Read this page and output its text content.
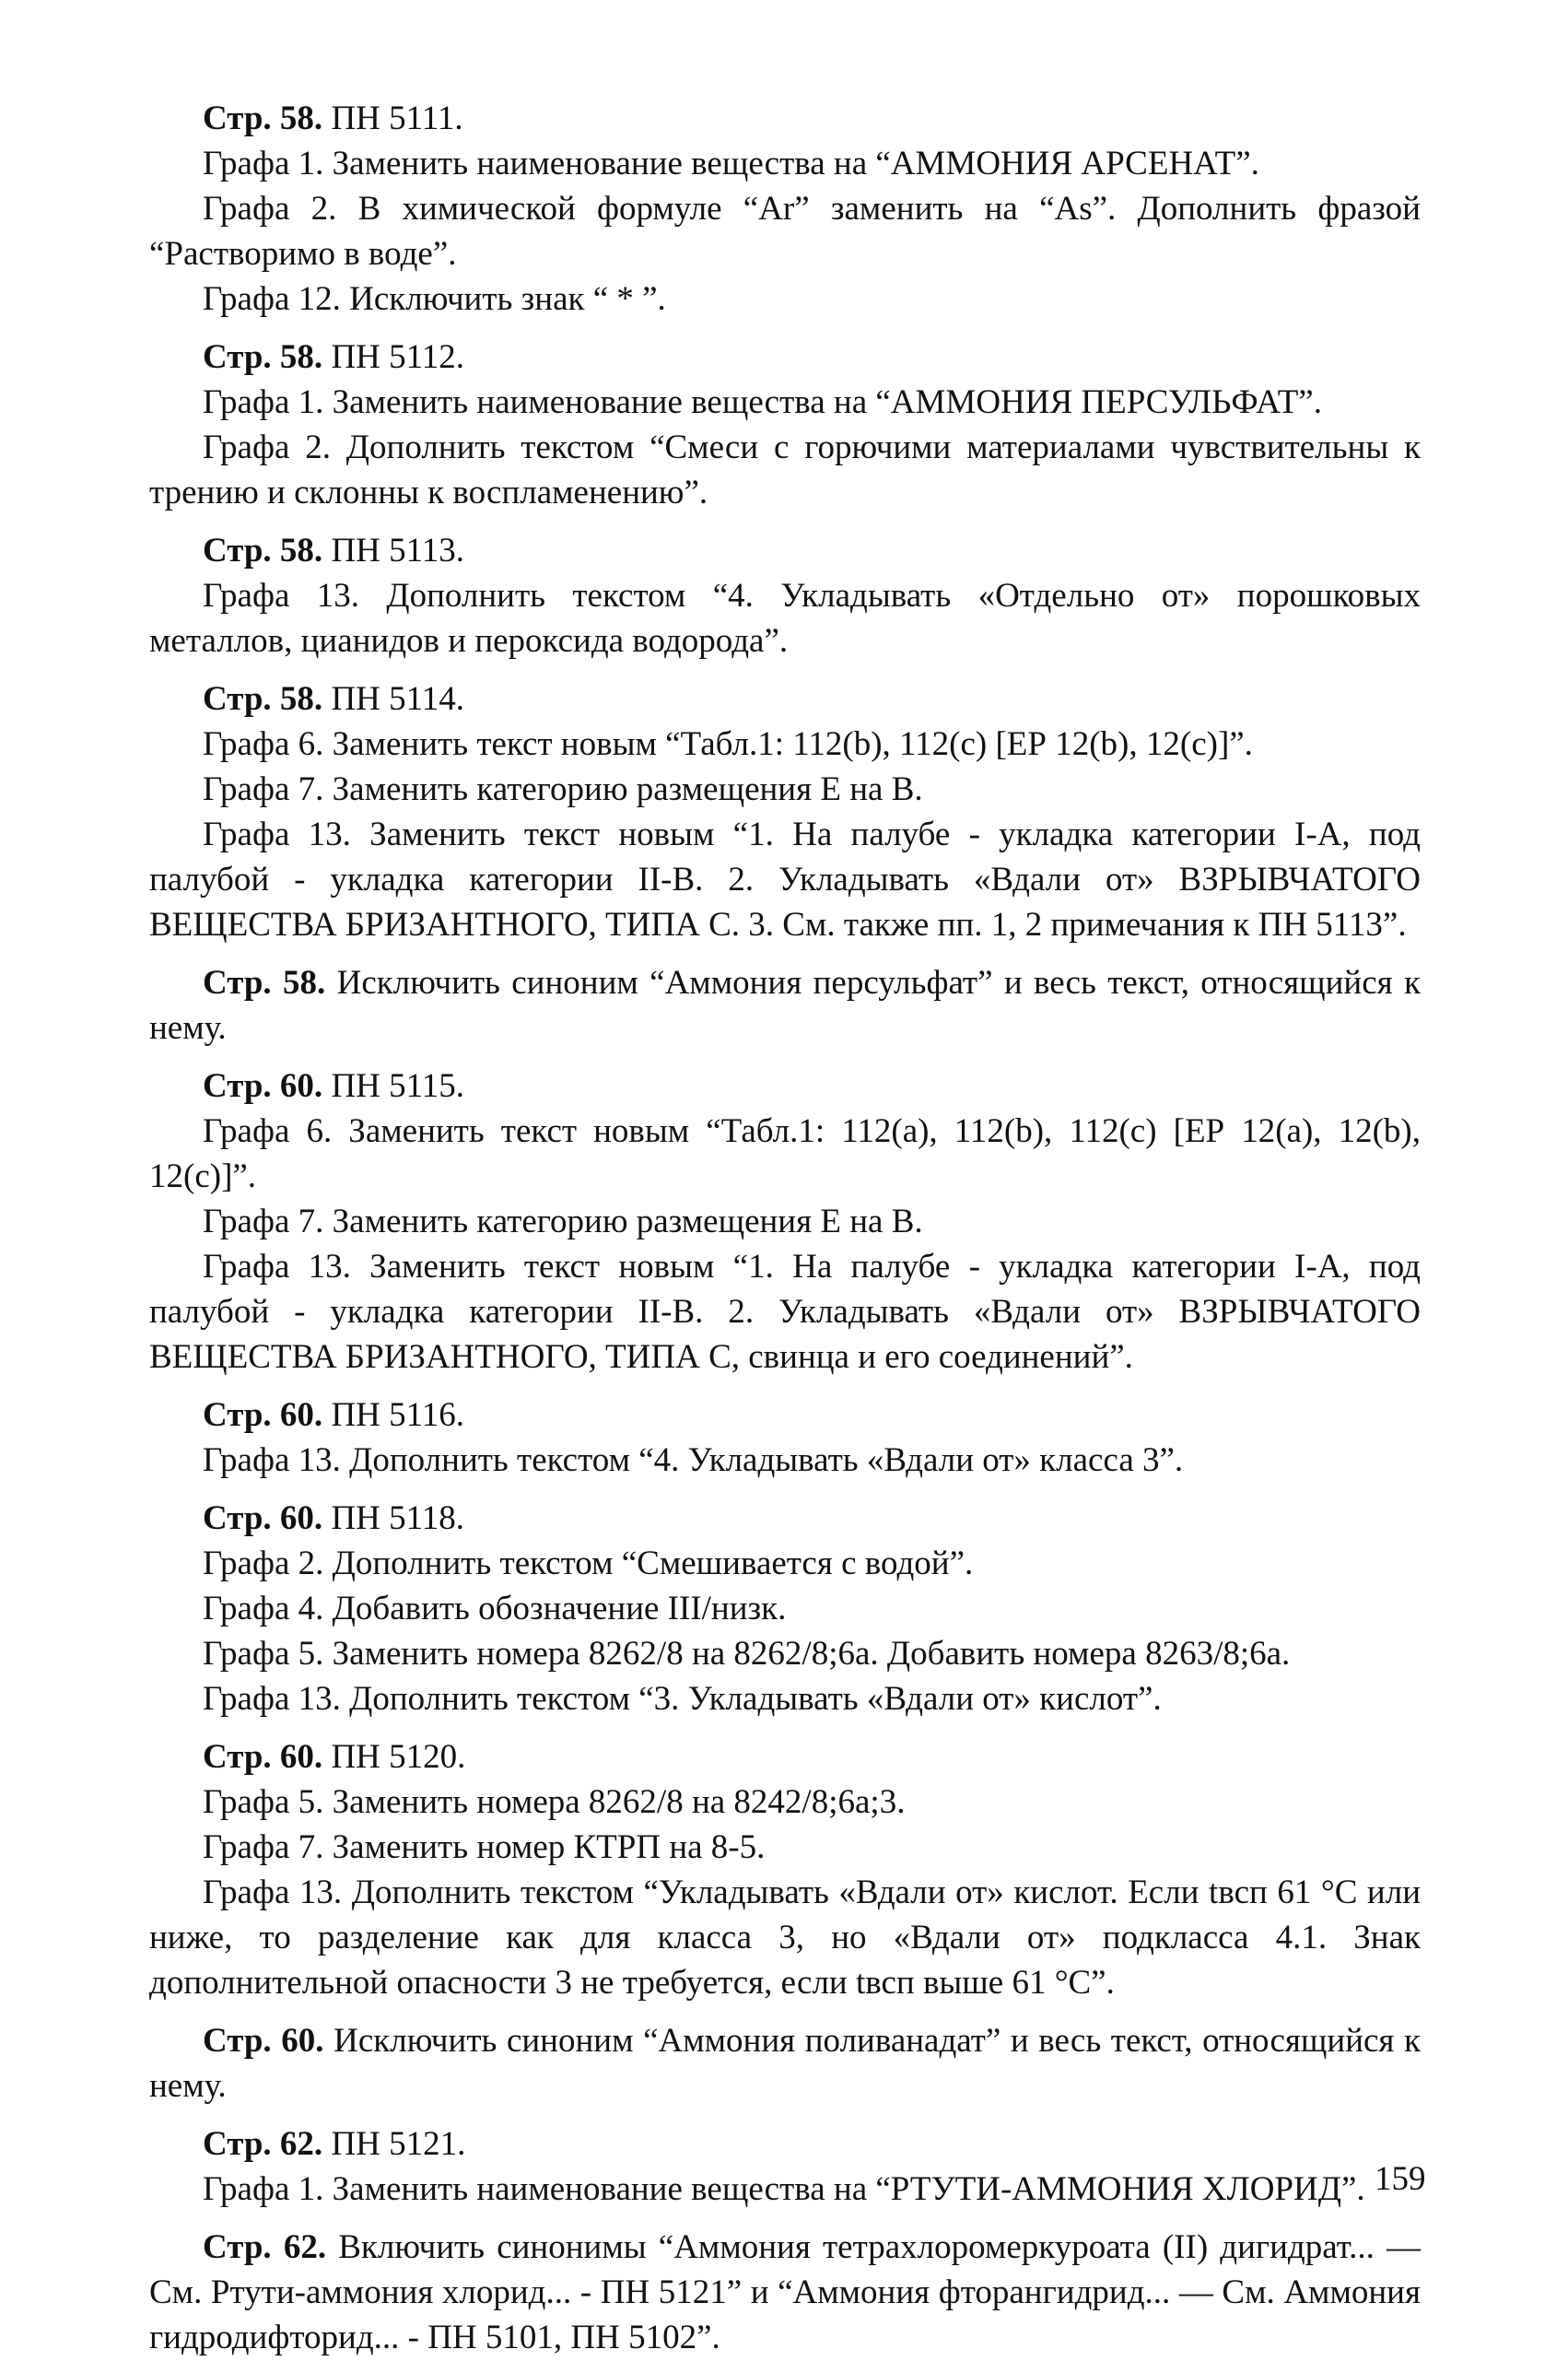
Стр. 58. ПН 5111.
Графа 1. Заменить наименование вещества на “АММОНИЯ АРСЕНАТ”.
Графа 2. В химической формуле “Ar” заменить на “As”. Дополнить фразой “Растворимо в воде”.
Графа 12. Исключить знак “ * ”.
Стр. 58. ПН 5112.
Графа 1. Заменить наименование вещества на “АММОНИЯ ПЕРСУЛЬФАТ”.
Графа 2. Дополнить текстом “Смеси с горючими материалами чувствительны к трению и склонны к воспламенению”.
Стр. 58. ПН 5113.
Графа 13. Дополнить текстом “4. Укладывать «Отдельно от» порошковых металлов, цианидов и пероксида водорода”.
Стр. 58. ПН 5114.
Графа 6. Заменить текст новым “Табл.1: 112(b), 112(c) [ЕР 12(b), 12(c)]”.
Графа 7. Заменить категорию размещения Е на В.
Графа 13. Заменить текст новым “1. На палубе - укладка категории I-А, под палубой - укладка категории II-В. 2. Укладывать «Вдали от» ВЗРЫВЧАТОГО ВЕЩЕСТВА БРИЗАНТНОГО, ТИПА С. 3. См. также пп. 1, 2 примечания к ПН 5113”.
Стр. 58. Исключить синоним “Аммония персульфат” и весь текст, относящийся к нему.
Стр. 60. ПН 5115.
Графа 6. Заменить текст новым “Табл.1: 112(a), 112(b), 112(c) [ЕР 12(a), 12(b), 12(c)]”.
Графа 7. Заменить категорию размещения Е на В.
Графа 13. Заменить текст новым “1. На палубе - укладка категории I-А, под палубой - укладка категории II-В. 2. Укладывать «Вдали от» ВЗРЫВЧАТОГО ВЕЩЕСТВА БРИЗАНТНОГО, ТИПА С, свинца и его соединений”.
Стр. 60. ПН 5116.
Графа 13. Дополнить текстом “4. Укладывать «Вдали от» класса 3”.
Стр. 60. ПН 5118.
Графа 2. Дополнить текстом “Смешивается с водой”.
Графа 4. Добавить обозначение III/низк.
Графа 5. Заменить номера 8262/8 на 8262/8;6а. Добавить номера 8263/8;6а.
Графа 13. Дополнить текстом “3. Укладывать «Вдали от» кислот”.
Стр. 60. ПН 5120.
Графа 5. Заменить номера 8262/8 на 8242/8;6а;3.
Графа 7. Заменить номер КТРП на 8-5.
Графа 13. Дополнить текстом “Укладывать «Вдали от» кислот. Если tвсп 61 °С или ниже, то разделение как для класса 3, но «Вдали от» подкласса 4.1. Знак дополнительной опасности 3 не требуется, если tвсп выше 61 °С”.
Стр. 60. Исключить синоним “Аммония поливанадат” и весь текст, относящийся к нему.
Стр. 62. ПН 5121.
Графа 1. Заменить наименование вещества на “РТУТИ-АММОНИЯ ХЛОРИД”.
Стр. 62. Включить синонимы “Аммония тетрахлоромеркуроата (II) дигидрат... — См. Ртути-аммония хлорид... - ПН 5121” и “Аммония фторангидрид... — См. Аммония гидродифторид... - ПН 5101, ПН 5102”.
159
